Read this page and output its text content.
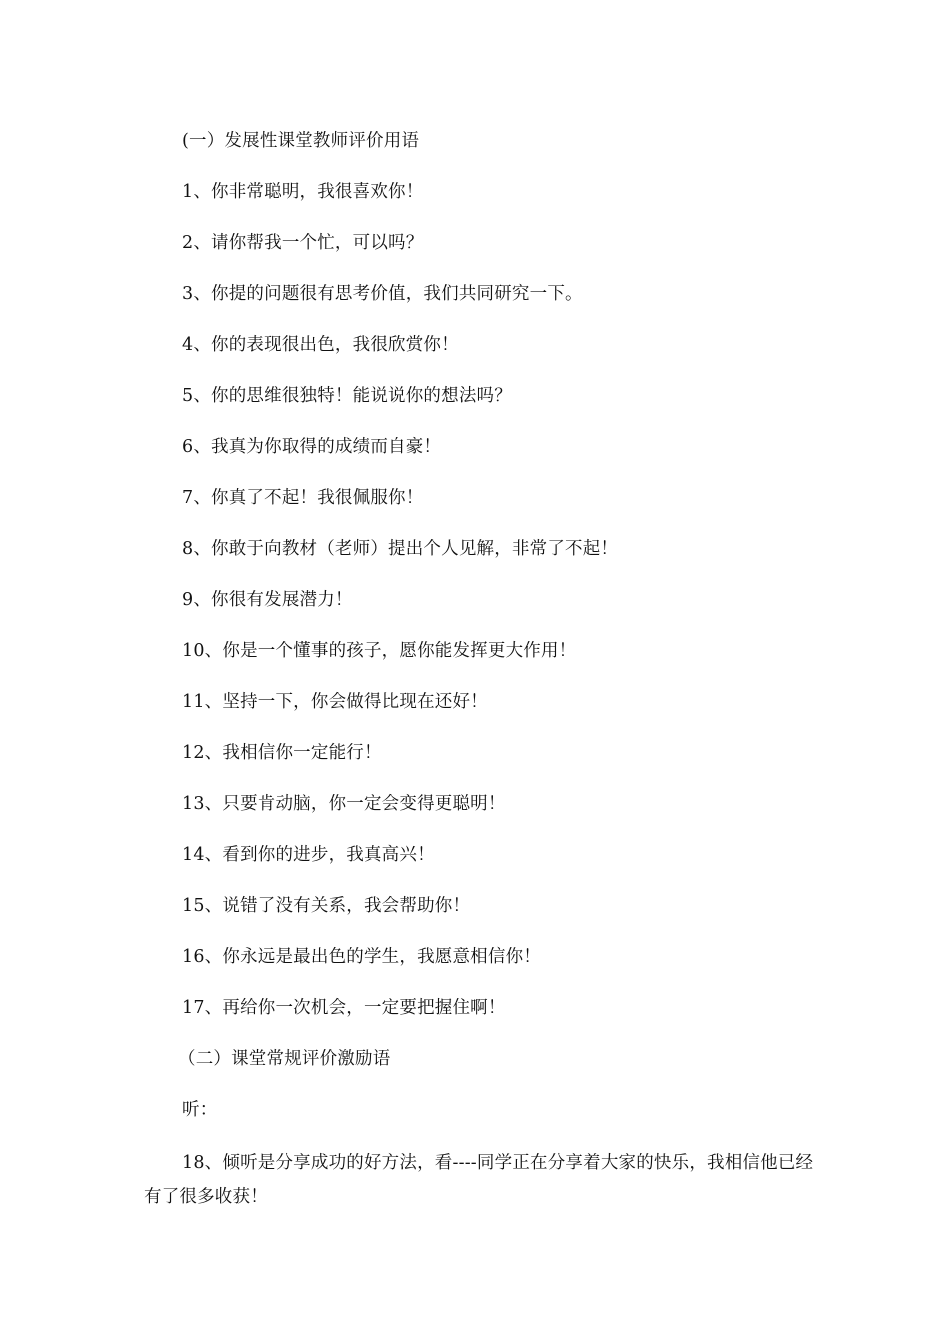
(一）发展性课堂教师评价用语
1、你非常聪明，我很喜欢你！
2、请你帮我一个忙，可以吗？
3、你提的问题很有思考价值，我们共同研究一下。
4、你的表现很出色，我很欣赏你！
5、你的思维很独特！能说说你的想法吗？
6、我真为你取得的成绩而自豪！
7、你真了不起！我很佩服你！
8、你敢于向教材（老师）提出个人见解，非常了不起！
9、你很有发展潜力！
10、你是一个懂事的孩子，愿你能发挥更大作用！
11、坚持一下，你会做得比现在还好！
12、我相信你一定能行！
13、只要肯动脑，你一定会变得更聪明！
14、看到你的进步，我真高兴！
15、说错了没有关系，我会帮助你！
16、你永远是最出色的学生，我愿意相信你！
17、再给你一次机会，一定要把握住啊！
（二）课堂常规评价激励语
听：
18、倾听是分享成功的好方法，看----同学正在分享着大家的快乐，我相信他已经有了很多收获！
